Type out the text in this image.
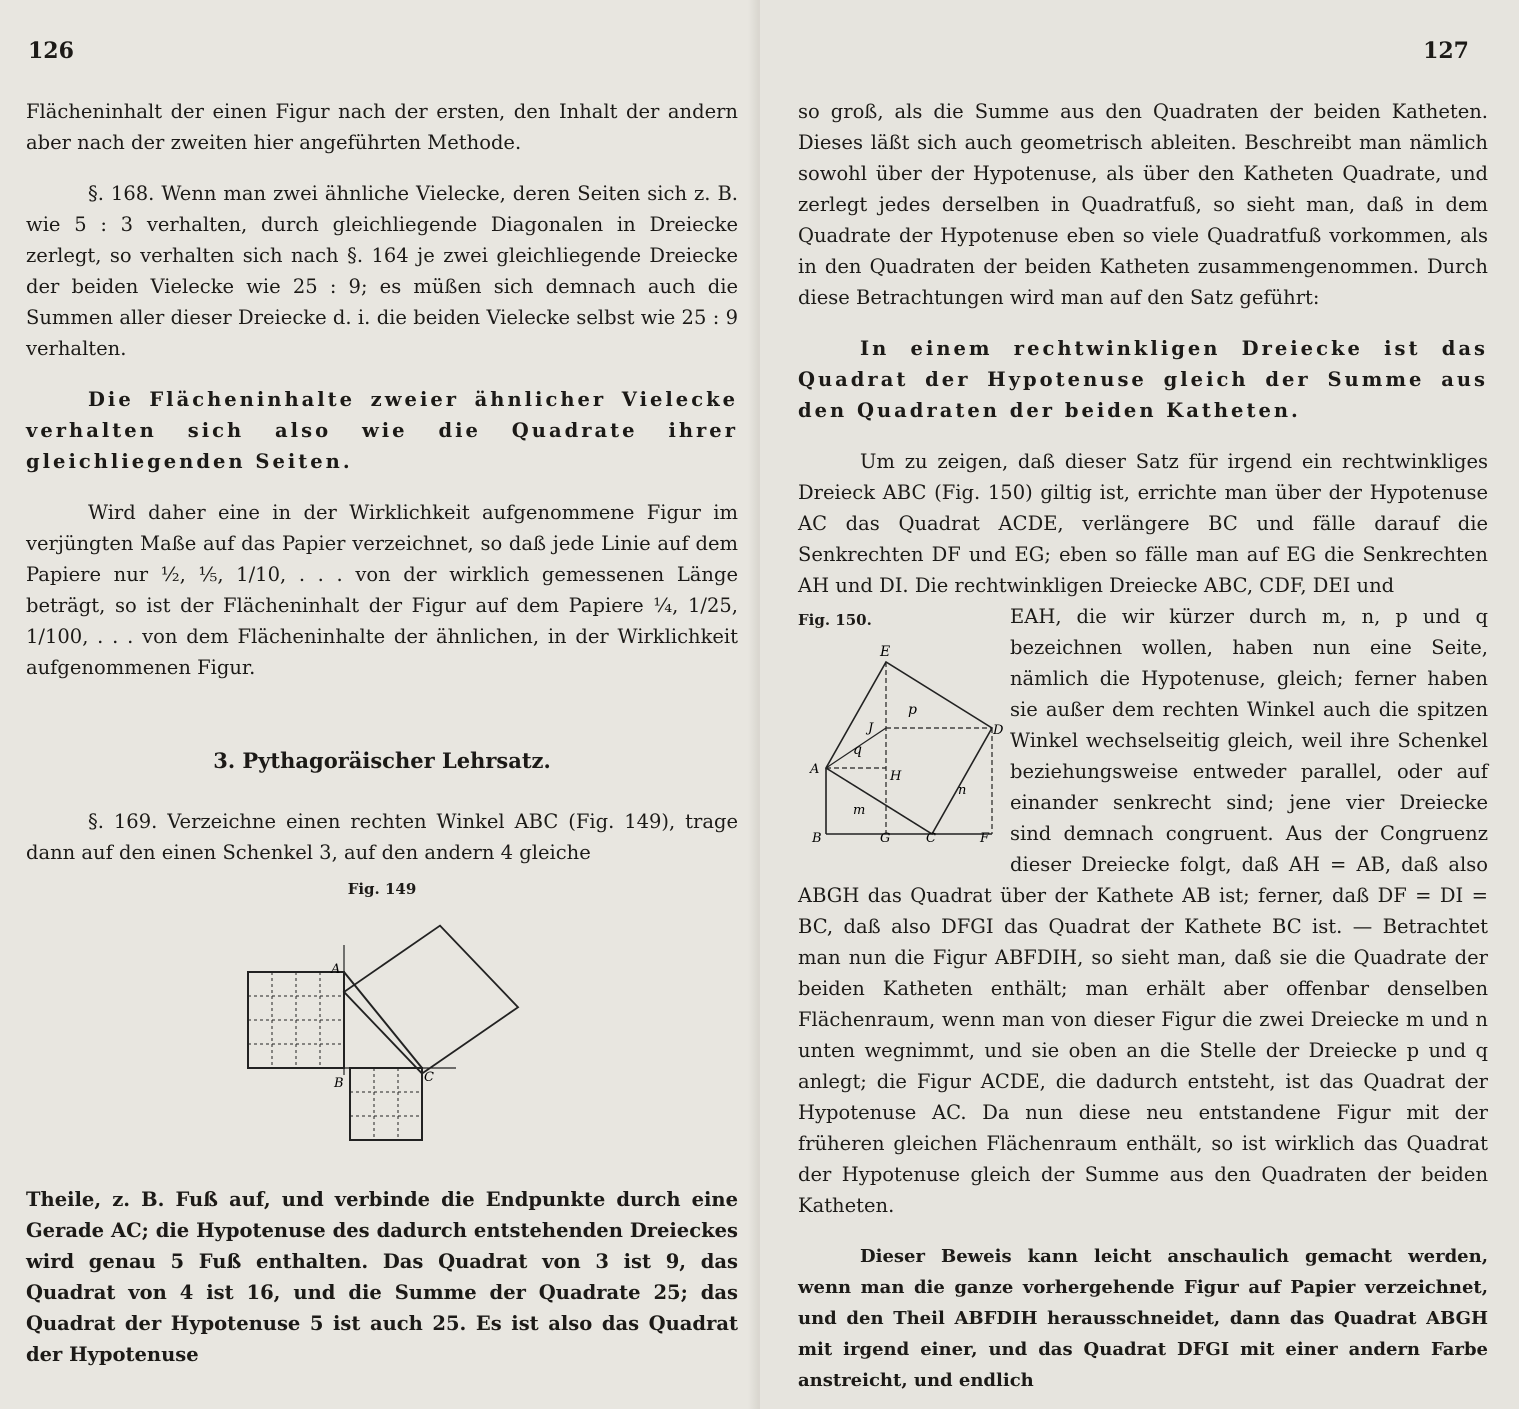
126

Flächeninhalt der einen Figur nach der ersten, den Inhalt der andern aber nach der zweiten hier angeführten Methode.

§. 168. Wenn man zwei ähnliche Vielecke, deren Seiten sich z. B. wie 5 : 3 verhalten, durch gleichliegende Diagonalen in Dreiecke zerlegt, so verhalten sich nach §. 164 je zwei gleichliegende Dreiecke der beiden Vielecke wie 25 : 9; es müßen sich demnach auch die Summen aller dieser Dreiecke d. i. die beiden Vielecke selbst wie 25 : 9 verhalten.

Die Flächeninhalte zweier ähnlicher Vielecke verhalten sich also wie die Quadrate ihrer gleichliegenden Seiten.

Wird daher eine in der Wirklichkeit aufgenommene Figur im verjüngten Maße auf das Papier verzeichnet, so daß jede Linie auf dem Papiere nur ½, ⅕, 1/10, . . . von der wirklich gemessenen Länge beträgt, so ist der Flächeninhalt der Figur auf dem Papiere ¼, 1/25, 1/100, . . . von dem Flächeninhalte der ähnlichen, in der Wirklichkeit aufgenommenen Figur.

3. Pythagoräischer Lehrsatz.

§. 169. Verzeichne einen rechten Winkel ABC (Fig. 149), trage dann auf den einen Schenkel 3, auf den andern 4 gleiche

Fig. 149
A
B	C

Theile, z. B. Fuß auf, und verbinde die Endpunkte durch eine Gerade AC; die Hypotenuse des dadurch entstehenden Dreieckes wird genau 5 Fuß enthalten. Das Quadrat von 3 ist 9, das Quadrat von 4 ist 16, und die Summe der Quadrate 25; das Quadrat der Hypotenuse 5 ist auch 25. Es ist also das Quadrat der Hypotenuse

127

so groß, als die Summe aus den Quadraten der beiden Katheten. Dieses läßt sich auch geometrisch ableiten. Beschreibt man nämlich sowohl über der Hypotenuse, als über den Katheten Quadrate, und zerlegt jedes derselben in Quadratfuß, so sieht man, daß in dem Quadrate der Hypotenuse eben so viele Quadratfuß vorkommen, als in den Quadraten der beiden Katheten zusammengenommen. Durch diese Betrachtungen wird man auf den Satz geführt:

In einem rechtwinkligen Dreiecke ist das Quadrat der Hypotenuse gleich der Summe aus den Quadraten der beiden Katheten.

Um zu zeigen, daß dieser Satz für irgend ein rechtwinkliges Dreieck ABC (Fig. 150) giltig ist, errichte man über der Hypotenuse AC das Quadrat ACDE, verlängere BC und fälle darauf die Senkrechten DF und EG; eben so fälle man auf EG die Senkrechten AH und DI. Die rechtwinkligen Dreiecke ABC, CDF, DEI und

Fig. 150.
E
J	D
p
q
A	H
m
n
B	G	C	F

EAH, die wir kürzer durch m, n, p und q bezeichnen wollen, haben nun eine Seite, nämlich die Hypotenuse, gleich; ferner haben sie außer dem rechten Winkel auch die spitzen Winkel wechselseitig gleich, weil ihre Schenkel beziehungsweise entweder parallel, oder auf einander senkrecht sind; jene vier Dreiecke sind demnach congruent. Aus der Congruenz dieser Dreiecke folgt, daß AH = AB, daß also ABGH das Quadrat über der Kathete AB ist; ferner, daß DF = DI = BC, daß also DFGI das Quadrat der Kathete BC ist. — Betrachtet man nun die Figur ABFDIH, so sieht man, daß sie die Quadrate der beiden Katheten enthält; man erhält aber offenbar denselben Flächenraum, wenn man von dieser Figur die zwei Dreiecke m und n unten wegnimmt, und sie oben an die Stelle der Dreiecke p und q anlegt; die Figur ACDE, die dadurch entsteht, ist das Quadrat der Hypotenuse AC. Da nun diese neu entstandene Figur mit der früheren gleichen Flächenraum enthält, so ist wirklich das Quadrat der Hypotenuse gleich der Summe aus den Quadraten der beiden Katheten.

Dieser Beweis kann leicht anschaulich gemacht werden, wenn man die ganze vorhergehende Figur auf Papier verzeichnet, und den Theil ABFDIH herausschneidet, dann das Quadrat ABGH mit irgend einer, und das Quadrat DFGI mit einer andern Farbe anstreicht, und endlich
